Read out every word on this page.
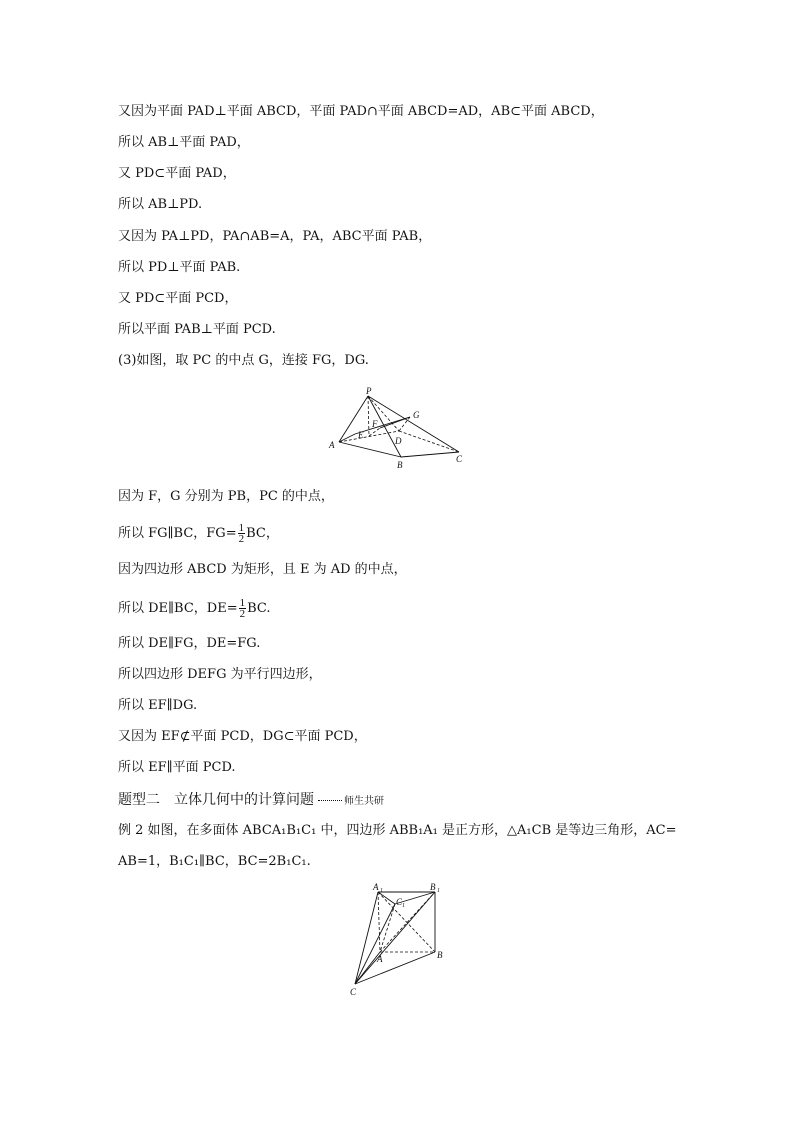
又因为平面 PAD⊥平面 ABCD，平面 PAD∩平面 ABCD=AD，AB⊂平面 ABCD，
所以 AB⊥平面 PAD，
又 PD⊂平面 PAD，
所以 AB⊥PD.
又因为 PA⊥PD，PA∩AB=A，PA，ABC平面 PAB，
所以 PD⊥平面 PAB.
又 PD⊂平面 PCD，
所以平面 PAB⊥平面 PCD.
(3)如图，取 PC 的中点 G，连接 FG，DG.
P
G
F
E
D
A
B
C
因为 F，G 分别为 PB，PC 的中点，
所以 FG∥BC，$FG= \frac{1}{2}$ BC，
因为四边形 ABCD 为矩形，且 E 为 AD 的中点，
所以 DE∥BC，$DE= \frac{1}{2}$ BC.
所以 DE∥FG，DE=FG.
所以四边形 DEFG 为平行四边形，
所以 EF∥DG.
又因为 EF⊄平面 PCD，DG⊂平面 PCD，
所以 EF∥平面 PCD.
题型二　立体几何中的计算问题	师生共研
例 2 如图，在多面体 ABCA₁B₁C₁ 中，四边形 ABB₁A₁ 是正方形，△A₁CB 是等边三角形，AC=
AB=1，B₁C₁∥BC，BC=2B₁C₁.
A 1	B 1
C 1
A	B
C
